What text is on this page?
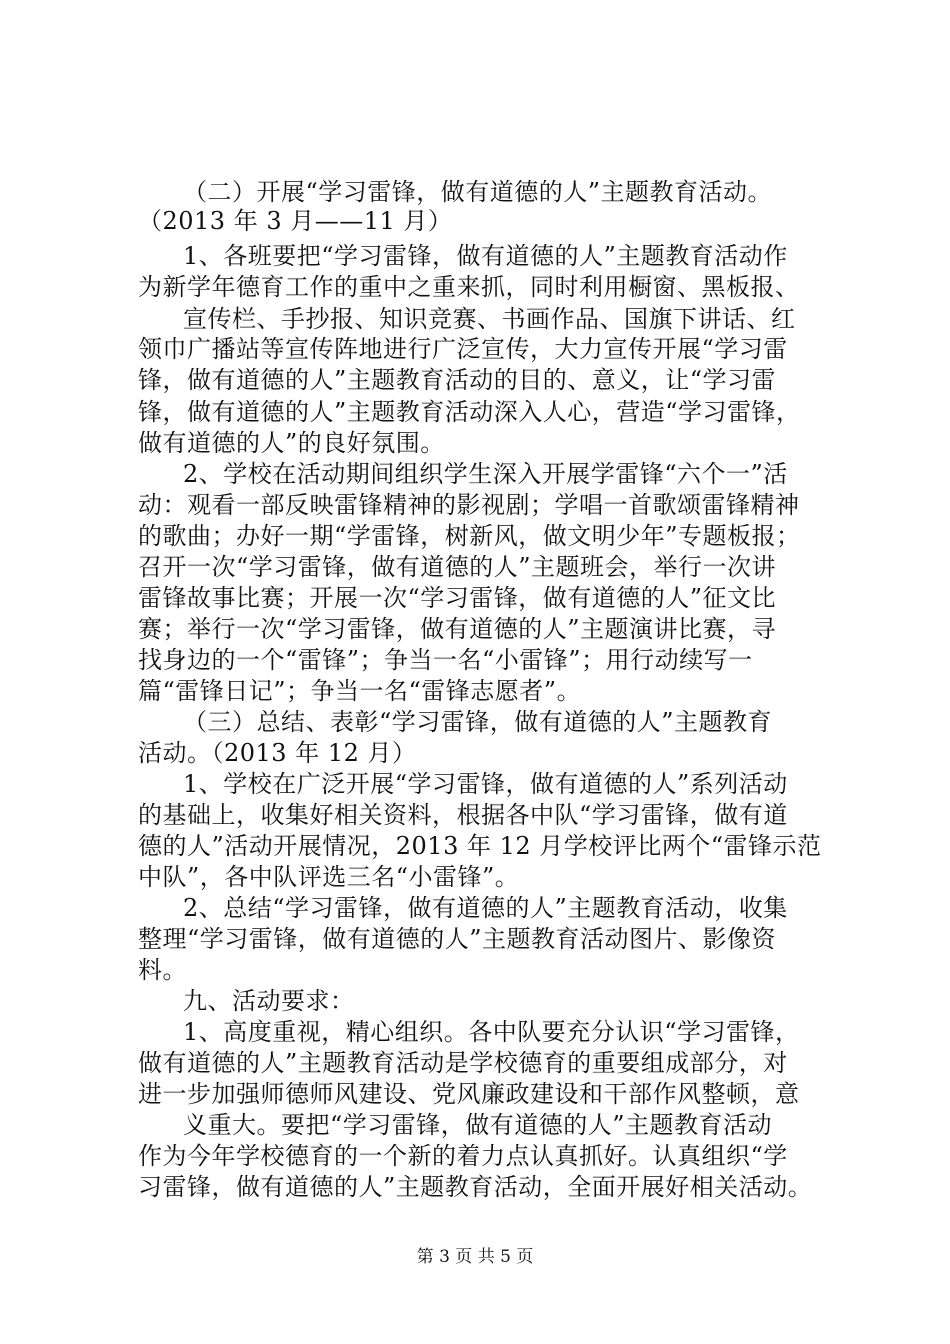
（二）开展“学习雷锋，做有道德的人”主题教育活动。
（2013 年 3 月——11 月）
1、各班要把“学习雷锋，做有道德的人”主题教育活动作
为新学年德育工作的重中之重来抓，同时利用橱窗、黑板报、
宣传栏、手抄报、知识竞赛、书画作品、国旗下讲话、红
领巾广播站等宣传阵地进行广泛宣传，大力宣传开展“学习雷
锋，做有道德的人”主题教育活动的目的、意义，让“学习雷
锋，做有道德的人”主题教育活动深入人心，营造“学习雷锋，
做有道德的人”的良好氛围。
2、学校在活动期间组织学生深入开展学雷锋“六个一”活
动：观看一部反映雷锋精神的影视剧；学唱一首歌颂雷锋精神
的歌曲；办好一期“学雷锋，树新风，做文明少年”专题板报；
召开一次“学习雷锋，做有道德的人”主题班会，举行一次讲
雷锋故事比赛；开展一次“学习雷锋，做有道德的人”征文比
赛；举行一次“学习雷锋，做有道德的人”主题演讲比赛，寻
找身边的一个“雷锋”；争当一名“小雷锋”；用行动续写一
篇“雷锋日记”；争当一名“雷锋志愿者”。
（三）总结、表彰“学习雷锋，做有道德的人”主题教育
活动。（2013 年 12 月）
1、学校在广泛开展“学习雷锋，做有道德的人”系列活动
的基础上，收集好相关资料，根据各中队“学习雷锋，做有道
德的人”活动开展情况，2013 年 12 月学校评比两个“雷锋示范
中队”，各中队评选三名“小雷锋”。
2、总结“学习雷锋，做有道德的人”主题教育活动，收集
整理“学习雷锋，做有道德的人”主题教育活动图片、影像资
料。
九、活动要求：
1、高度重视，精心组织。各中队要充分认识“学习雷锋，
做有道德的人”主题教育活动是学校德育的重要组成部分，对
进一步加强师德师风建设、党风廉政建设和干部作风整顿，意
义重大。要把“学习雷锋，做有道德的人”主题教育活动
作为今年学校德育的一个新的着力点认真抓好。认真组织“学
习雷锋，做有道德的人”主题教育活动，全面开展好相关活动。
第 3 页 共 5 页
